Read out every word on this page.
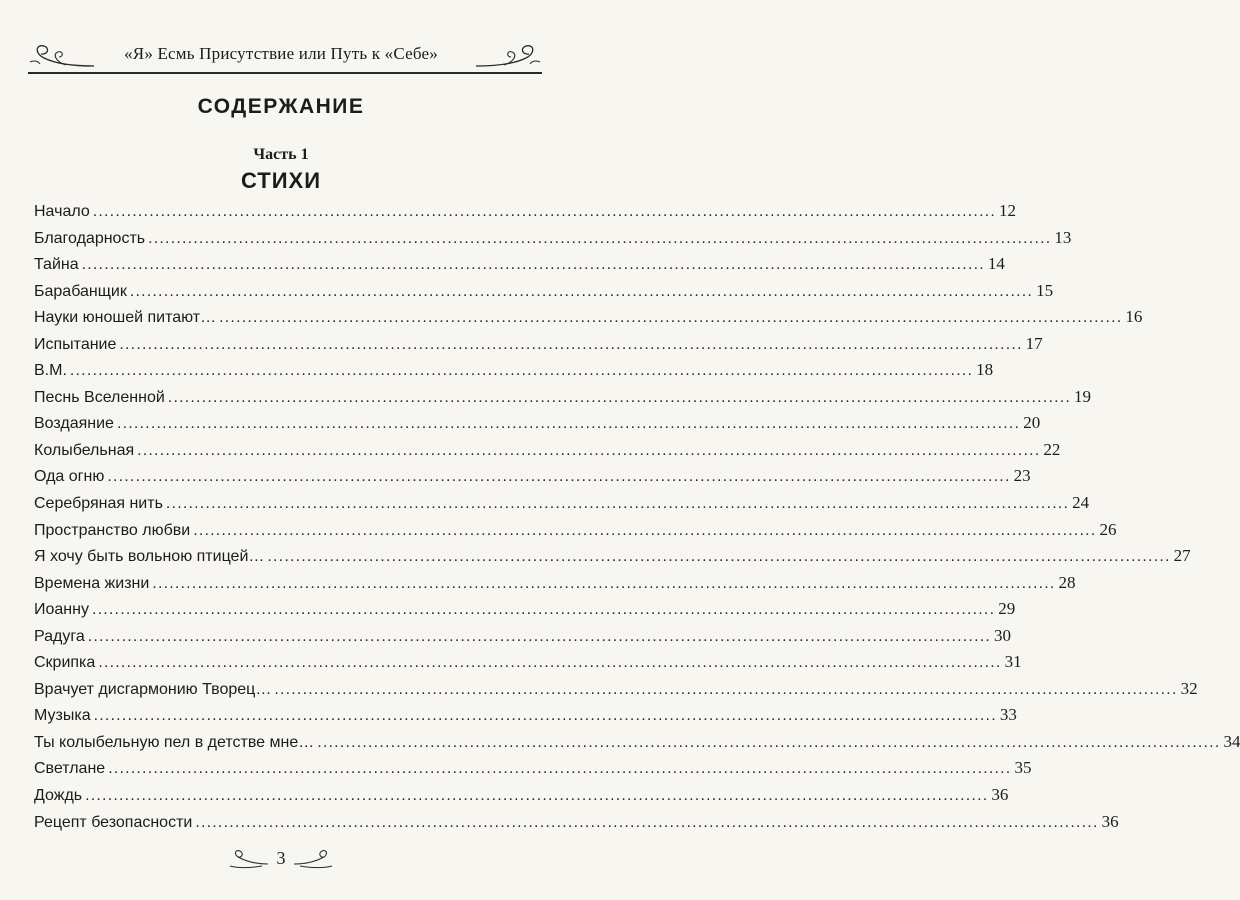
«Я» Есмь Присутствие или Путь к «Себе»
СОДЕРЖАНИЕ
Часть 1
СТИХИ
Начало ................................................................................................................................................................ 12
Благодарность ................................................................................................................................................................ 13
Тайна ................................................................................................................................................................ 14
Барабанщик ................................................................................................................................................................ 15
Науки юношей питают… ................................................................................................................................................................ 16
Испытание ................................................................................................................................................................ 17
В.М. ................................................................................................................................................................ 18
Песнь Вселенной ................................................................................................................................................................ 19
Воздаяние ................................................................................................................................................................ 20
Колыбельная ................................................................................................................................................................ 22
Ода огню ................................................................................................................................................................ 23
Серебряная нить ................................................................................................................................................................ 24
Пространство любви ................................................................................................................................................................ 26
Я хочу быть вольною птицей… ................................................................................................................................................................ 27
Времена жизни ................................................................................................................................................................ 28
Иоанну ................................................................................................................................................................ 29
Радуга ................................................................................................................................................................ 30
Скрипка ................................................................................................................................................................ 31
Врачует дисгармонию Творец… ................................................................................................................................................................ 32
Музыка ................................................................................................................................................................ 33
Ты колыбельную пел в детстве мне… ................................................................................................................................................................ 34
Светлане ................................................................................................................................................................ 35
Дождь ................................................................................................................................................................ 36
Рецепт безопасности ................................................................................................................................................................ 36
3
